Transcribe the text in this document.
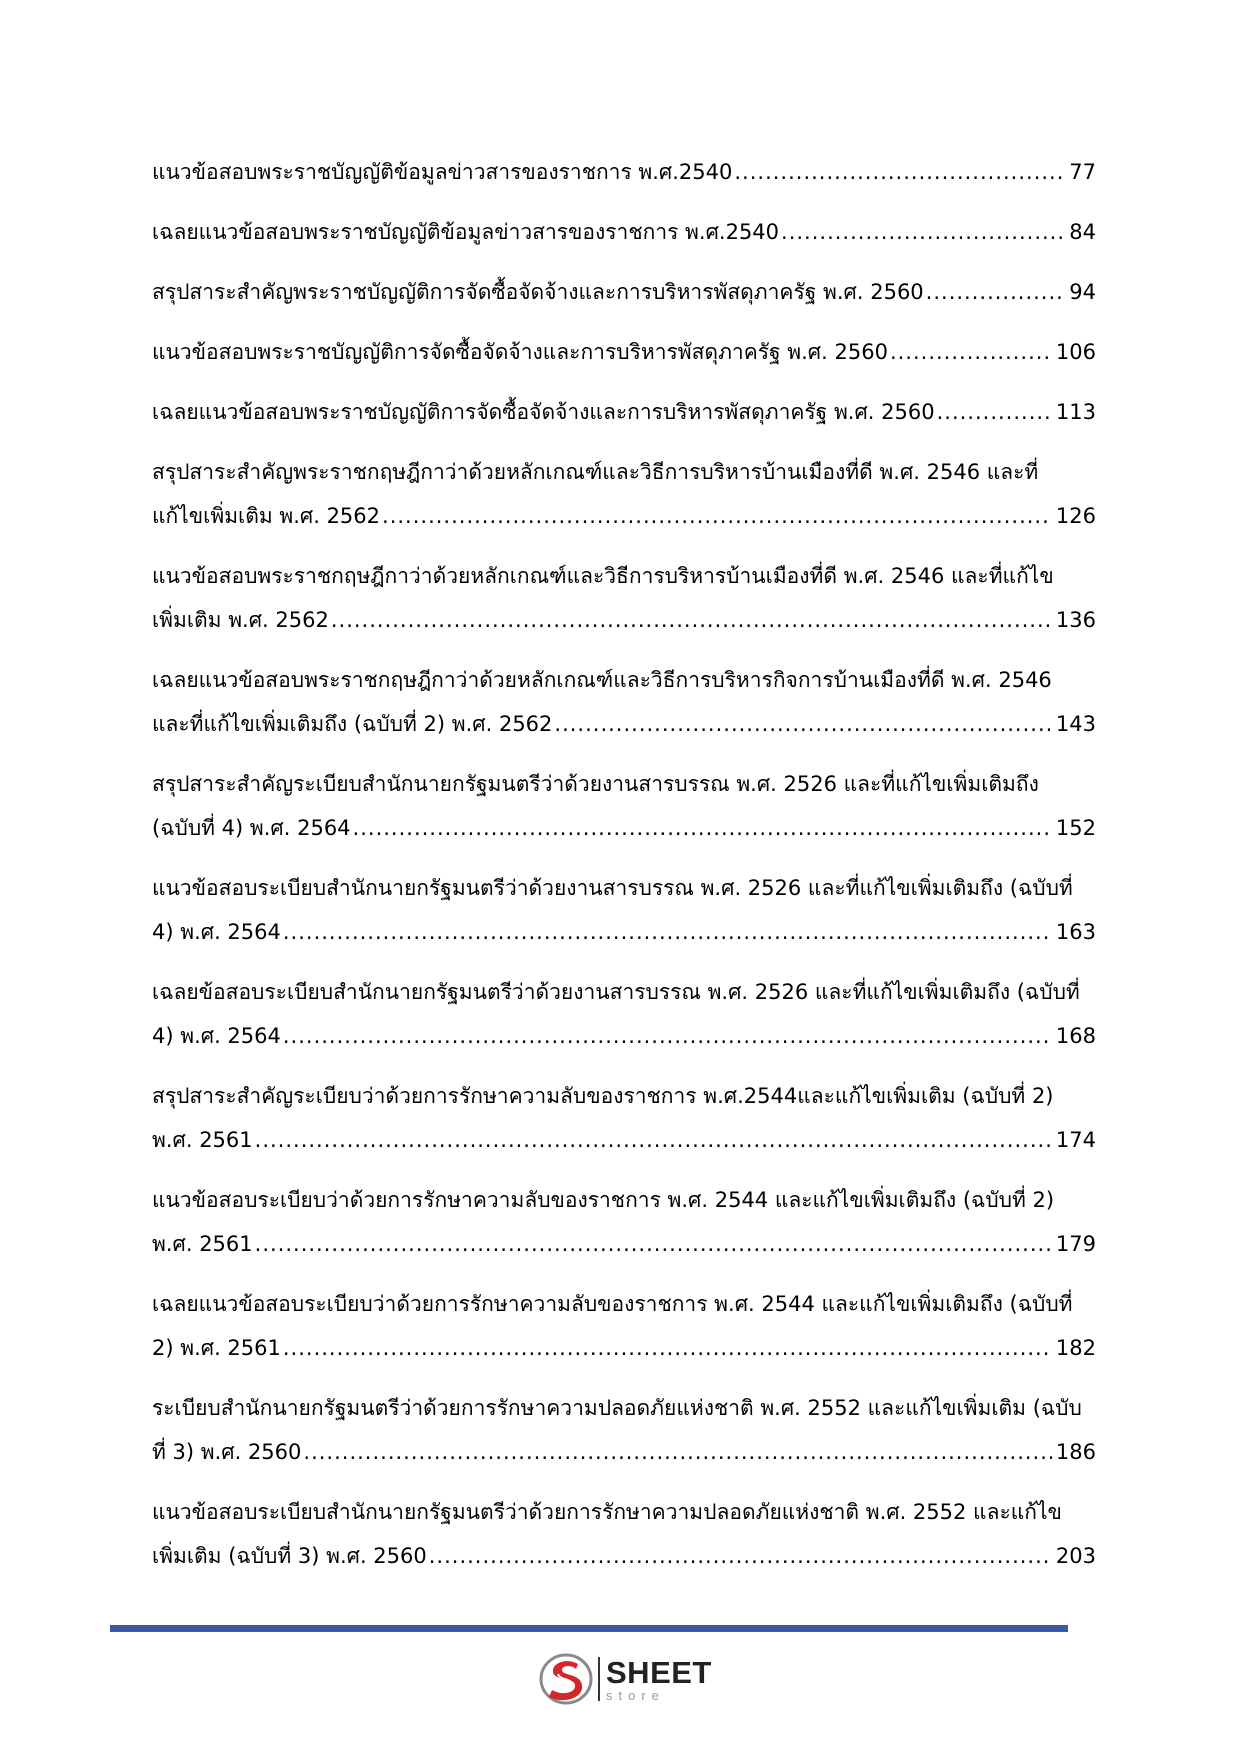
แนวข้อสอบพระราชบัญญัติข้อมูลข่าวสารของราชการ พ.ศ.2540 .....	77
เฉลยแนวข้อสอบพระราชบัญญัติข้อมูลข่าวสารของราชการ พ.ศ.2540 .....	84
สรุปสาระสำคัญพระราชบัญญัติการจัดซื้อจัดจ้างและการบริหารพัสดุภาครัฐ พ.ศ. 2560 .....	94
แนวข้อสอบพระราชบัญญัติการจัดซื้อจัดจ้างและการบริหารพัสดุภาครัฐ พ.ศ. 2560 .....	106
เฉลยแนวข้อสอบพระราชบัญญัติการจัดซื้อจัดจ้างและการบริหารพัสดุภาครัฐ พ.ศ. 2560 .....	113
สรุปสาระสำคัญพระราชกฤษฎีกาว่าด้วยหลักเกณฑ์และวิธีการบริหารบ้านเมืองที่ดี พ.ศ. 2546 และที่
แก้ไขเพิ่มเติม พ.ศ. 2562 .....	126
แนวข้อสอบพระราชกฤษฎีกาว่าด้วยหลักเกณฑ์และวิธีการบริหารบ้านเมืองที่ดี พ.ศ. 2546 และที่แก้ไข
เพิ่มเติม พ.ศ. 2562 .....	136
เฉลยแนวข้อสอบพระราชกฤษฎีกาว่าด้วยหลักเกณฑ์และวิธีการบริหารกิจการบ้านเมืองที่ดี พ.ศ. 2546
และที่แก้ไขเพิ่มเติมถึง (ฉบับที่ 2) พ.ศ. 2562 .....	143
สรุปสาระสำคัญระเบียบสำนักนายกรัฐมนตรีว่าด้วยงานสารบรรณ พ.ศ. 2526 และที่แก้ไขเพิ่มเติมถึง
(ฉบับที่ 4) พ.ศ. 2564 .....	152
แนวข้อสอบระเบียบสำนักนายกรัฐมนตรีว่าด้วยงานสารบรรณ พ.ศ. 2526 และที่แก้ไขเพิ่มเติมถึง (ฉบับที่
4) พ.ศ. 2564 .....	163
เฉลยข้อสอบระเบียบสำนักนายกรัฐมนตรีว่าด้วยงานสารบรรณ พ.ศ. 2526 และที่แก้ไขเพิ่มเติมถึง (ฉบับที่
4) พ.ศ. 2564 .....	168
สรุปสาระสำคัญระเบียบว่าด้วยการรักษาความลับของราชการ พ.ศ.2544และแก้ไขเพิ่มเติม (ฉบับที่ 2)
พ.ศ. 2561 .....	174
แนวข้อสอบระเบียบว่าด้วยการรักษาความลับของราชการ พ.ศ. 2544 และแก้ไขเพิ่มเติมถึง (ฉบับที่ 2)
พ.ศ. 2561 .....	179
เฉลยแนวข้อสอบระเบียบว่าด้วยการรักษาความลับของราชการ พ.ศ. 2544 และแก้ไขเพิ่มเติมถึง (ฉบับที่
2) พ.ศ. 2561 .....	182
ระเบียบสำนักนายกรัฐมนตรีว่าด้วยการรักษาความปลอดภัยแห่งชาติ พ.ศ. 2552 และแก้ไขเพิ่มเติม (ฉบับ
ที่ 3) พ.ศ. 2560 .....	186
แนวข้อสอบระเบียบสำนักนายกรัฐมนตรีว่าด้วยการรักษาความปลอดภัยแห่งชาติ พ.ศ. 2552 และแก้ไข
เพิ่มเติม (ฉบับที่ 3) พ.ศ. 2560 .....	203
SHEET
store
